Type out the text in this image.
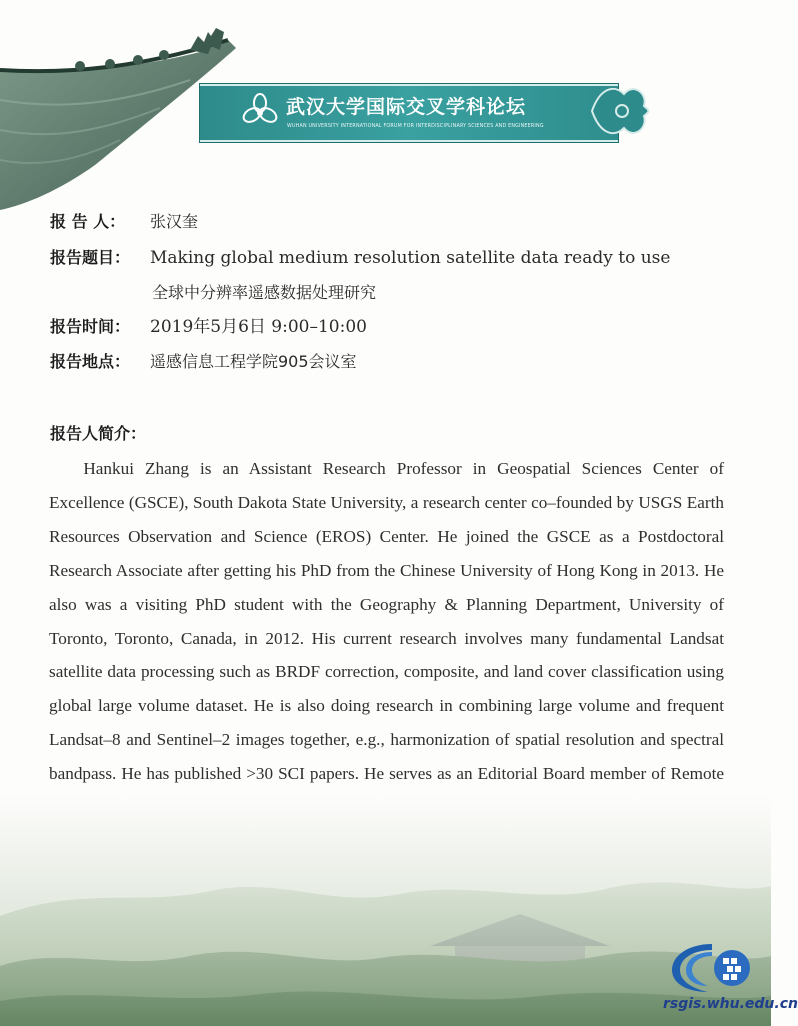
武汉大学国际交叉学科论坛
WUHAN UNIVERSITY INTERNATIONAL FORUM FOR INTERDISCIPLINARY SCIENCES AND ENGINEERING
报 告 人： 张汉奎
报告题目： Making global medium resolution satellite data ready to use
全球中分辨率遥感数据处理研究
报告时间： 2019年5月6日 9:00–10:00
报告地点： 遥感信息工程学院905会议室
报告人简介：

Hankui Zhang is an Assistant Research Professor in Geospatial Sciences Center of Excellence (GSCE), South Dakota State University, a research center co–founded by USGS Earth Resources Observation and Science (EROS) Center. He joined the GSCE as a Postdoctoral Research Associate after getting his PhD from the Chinese University of Hong Kong in 2013. He also was a visiting PhD student with the Geography & Planning Department, University of Toronto, Toronto, Canada, in 2012. His current research involves many fundamental Landsat satellite data processing such as BRDF correction, composite, and land cover classification using global large volume dataset. He is also doing research in combining large volume and frequent Landsat–8 and Sentinel–2 images together, e.g., harmonization of spatial resolution and spectral bandpass. He has published >30 SCI papers. He serves as an Editorial Board member of Remote

rsgis.whu.edu.cn
